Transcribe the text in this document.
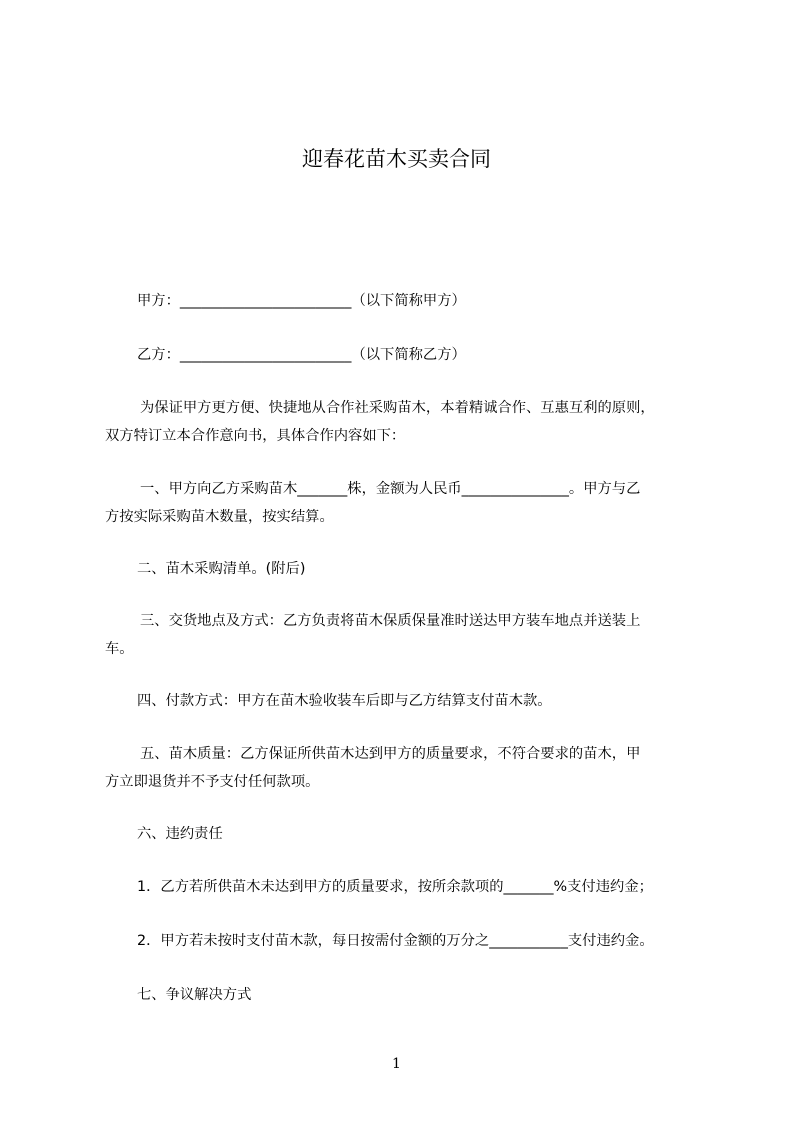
迎春花苗木买卖合同
甲方：________________________（以下简称甲方）
乙方：________________________（以下简称乙方）
为保证甲方更方便、快捷地从合作社采购苗木，本着精诚合作、互惠互利的原则，
双方特订立本合作意向书，具体合作内容如下：
一、甲方向乙方采购苗木_______株，金额为人民币_______________。甲方与乙
方按实际采购苗木数量，按实结算。
二、苗木采购清单。(附后)
三、交货地点及方式：乙方负责将苗木保质保量准时送达甲方装车地点并送装上
车。
四、付款方式：甲方在苗木验收装车后即与乙方结算支付苗木款。
五、苗木质量：乙方保证所供苗木达到甲方的质量要求，不符合要求的苗木，甲
方立即退货并不予支付任何款项。
六、违约责任
1．乙方若所供苗木未达到甲方的质量要求，按所余款项的_______%支付违约金；
2．甲方若未按时支付苗木款，每日按需付金额的万分之___________支付违约金。
七、争议解决方式
1
